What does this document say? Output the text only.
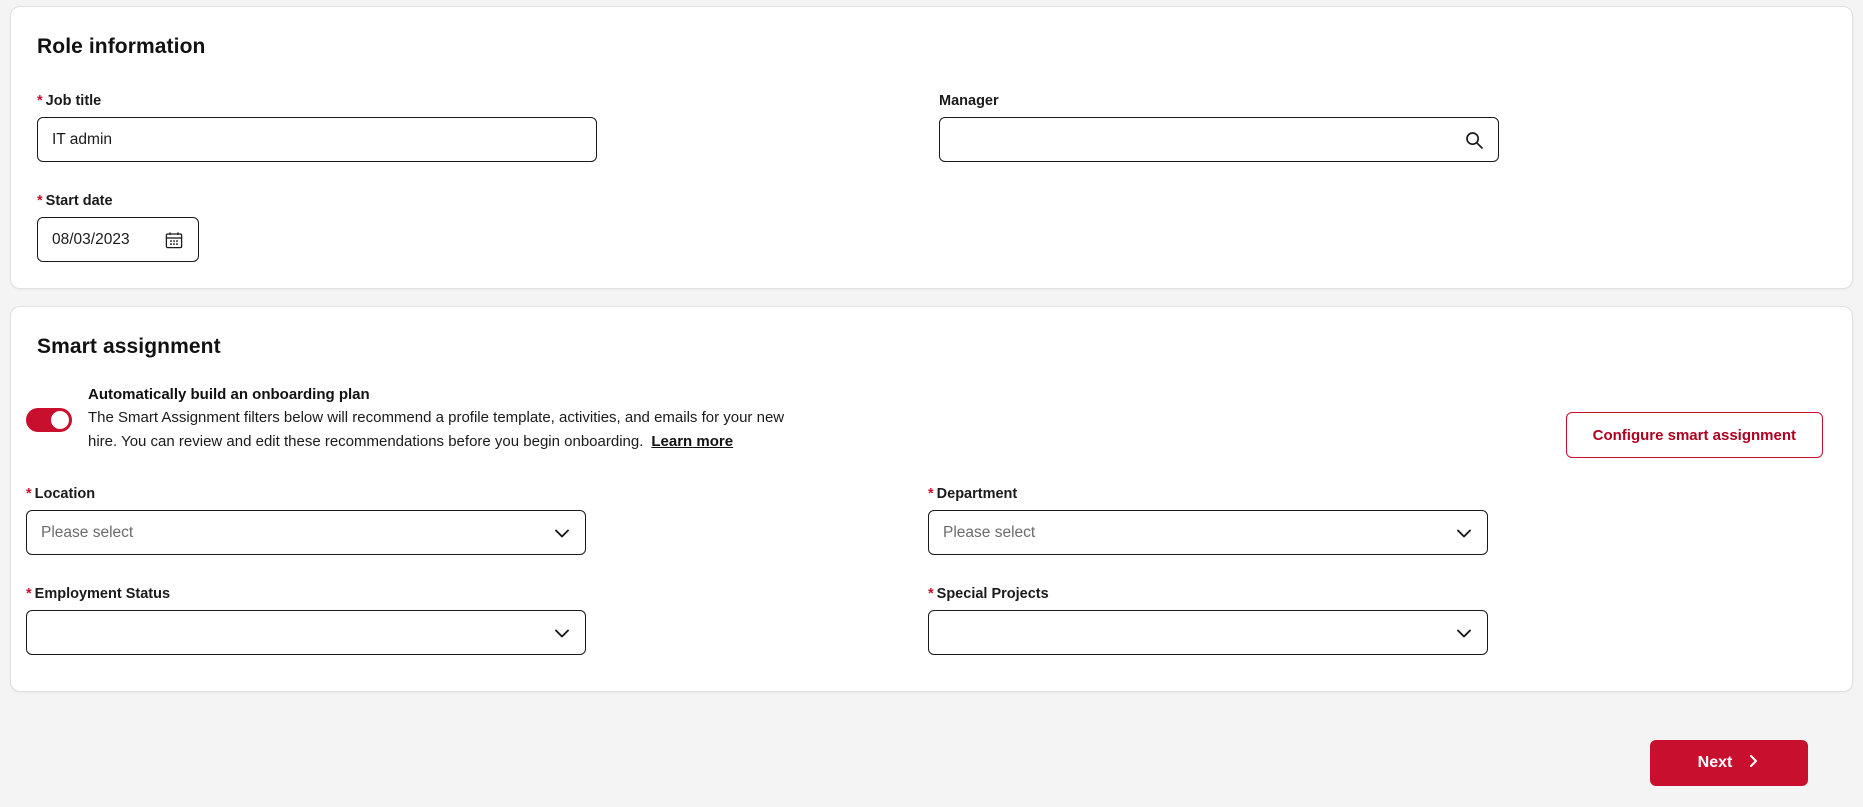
Role information
* Job title
IT admin	Manager
* Start date
08/03/2023
Smart assignment

Automatically build an onboarding plan

The Smart Assignment filters below will recommend a profile template, activities, and emails for your new hire. You can review and edit these recommendations before you begin onboarding. Learn more	Configure smart assignment
* Location
Please select
* Department
Please select
* Employment Status	* Special Projects
Next
